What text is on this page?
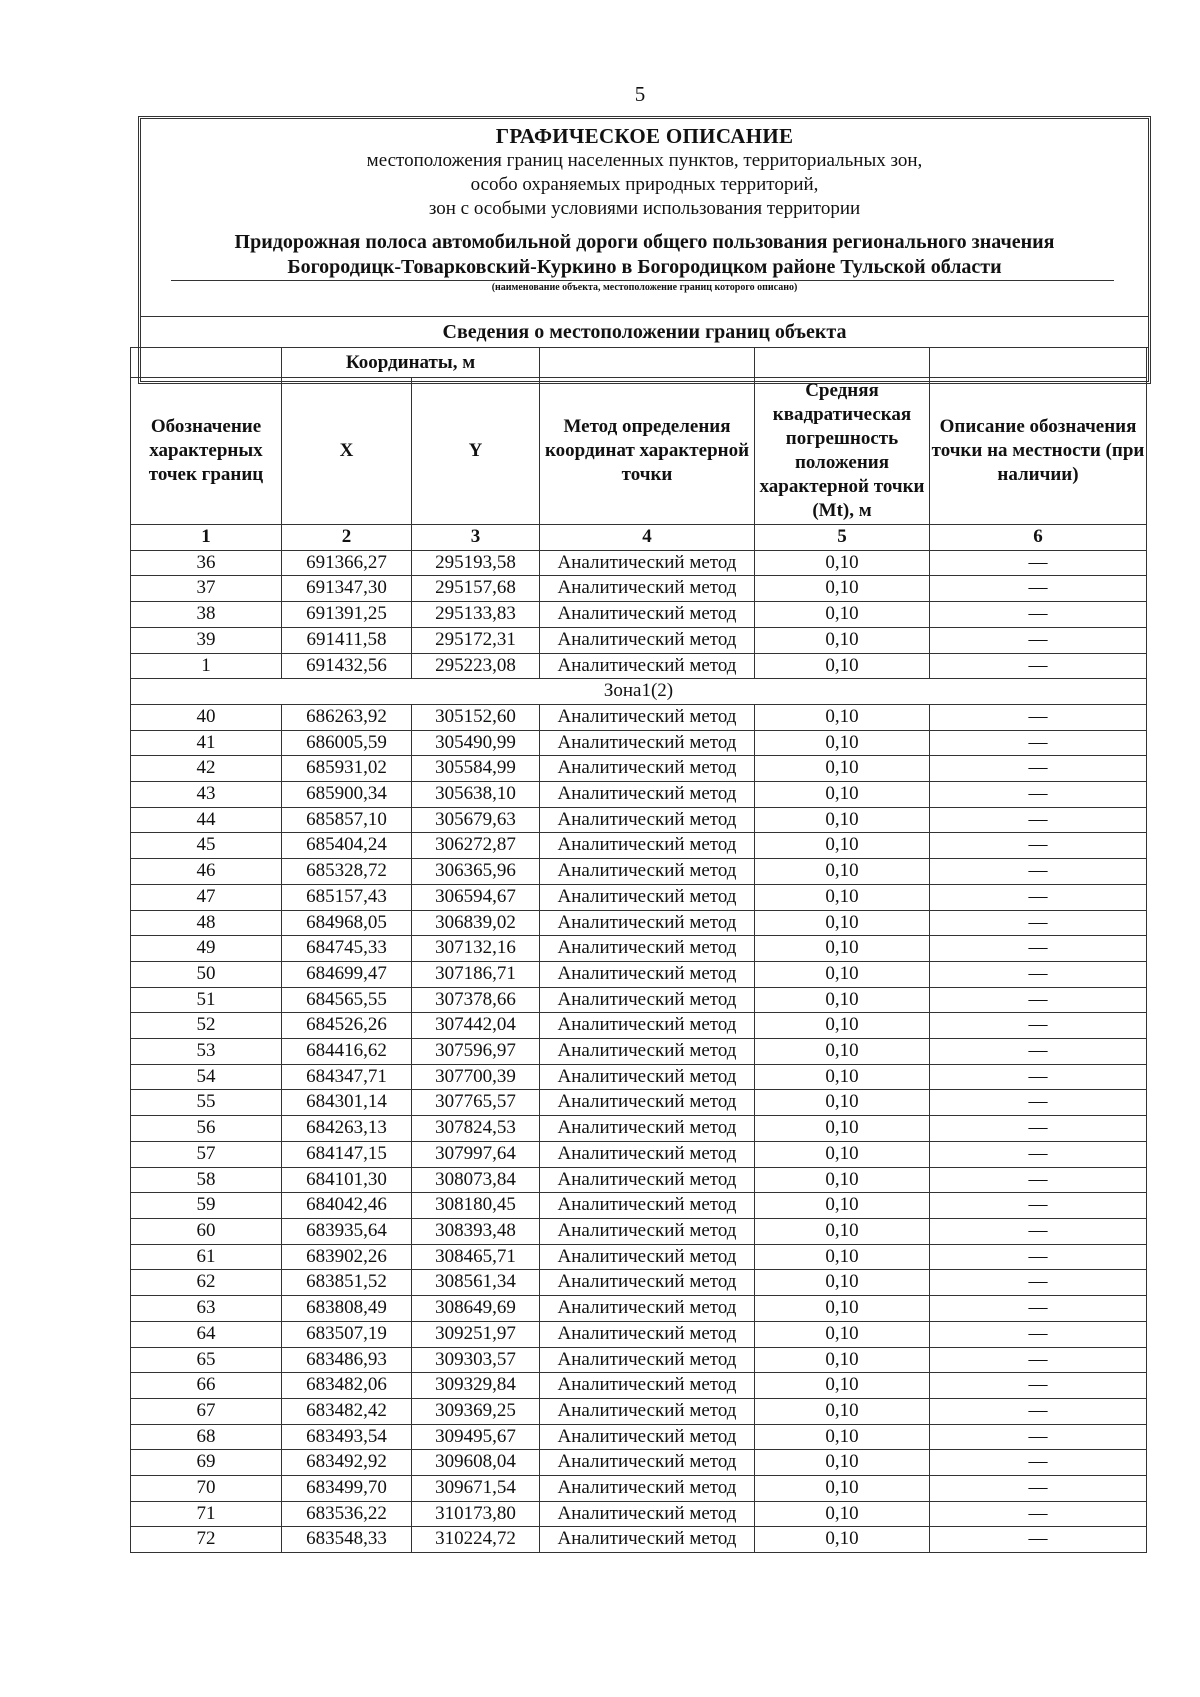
5
ГРАФИЧЕСКОЕ ОПИСАНИЕ
местоположения границ населенных пунктов, территориальных зон,
особо охраняемых природных территорий,
зон с особыми условиями использования территории
Придорожная полоса автомобильной дороги общего пользования регионального значения
Богородицк-Товарковский-Куркино в Богородицком районе Тульской области
(наименование объекта, местоположение границ которого описано)
Сведения о местоположении границ объекта
	Координаты, м				
Обозначение характерных точек границ	X	Y	Метод определения координат характерной точки	Средняя квадратическая погрешность положения характерной точки (Mt), м	Описание обозначения точки на местности (при наличии)
1	2	3	4	5	6
36	691366,27	295193,58	Аналитический метод	0,10	—
37	691347,30	295157,68	Аналитический метод	0,10	—
38	691391,25	295133,83	Аналитический метод	0,10	—
39	691411,58	295172,31	Аналитический метод	0,10	—
1	691432,56	295223,08	Аналитический метод	0,10	—
Зона1(2)					
40	686263,92	305152,60	Аналитический метод	0,10	—
41	686005,59	305490,99	Аналитический метод	0,10	—
42	685931,02	305584,99	Аналитический метод	0,10	—
43	685900,34	305638,10	Аналитический метод	0,10	—
44	685857,10	305679,63	Аналитический метод	0,10	—
45	685404,24	306272,87	Аналитический метод	0,10	—
46	685328,72	306365,96	Аналитический метод	0,10	—
47	685157,43	306594,67	Аналитический метод	0,10	—
48	684968,05	306839,02	Аналитический метод	0,10	—
49	684745,33	307132,16	Аналитический метод	0,10	—
50	684699,47	307186,71	Аналитический метод	0,10	—
51	684565,55	307378,66	Аналитический метод	0,10	—
52	684526,26	307442,04	Аналитический метод	0,10	—
53	684416,62	307596,97	Аналитический метод	0,10	—
54	684347,71	307700,39	Аналитический метод	0,10	—
55	684301,14	307765,57	Аналитический метод	0,10	—
56	684263,13	307824,53	Аналитический метод	0,10	—
57	684147,15	307997,64	Аналитический метод	0,10	—
58	684101,30	308073,84	Аналитический метод	0,10	—
59	684042,46	308180,45	Аналитический метод	0,10	—
60	683935,64	308393,48	Аналитический метод	0,10	—
61	683902,26	308465,71	Аналитический метод	0,10	—
62	683851,52	308561,34	Аналитический метод	0,10	—
63	683808,49	308649,69	Аналитический метод	0,10	—
64	683507,19	309251,97	Аналитический метод	0,10	—
65	683486,93	309303,57	Аналитический метод	0,10	—
66	683482,06	309329,84	Аналитический метод	0,10	—
67	683482,42	309369,25	Аналитический метод	0,10	—
68	683493,54	309495,67	Аналитический метод	0,10	—
69	683492,92	309608,04	Аналитический метод	0,10	—
70	683499,70	309671,54	Аналитический метод	0,10	—
71	683536,22	310173,80	Аналитический метод	0,10	—
72	683548,33	310224,72	Аналитический метод	0,10	—
